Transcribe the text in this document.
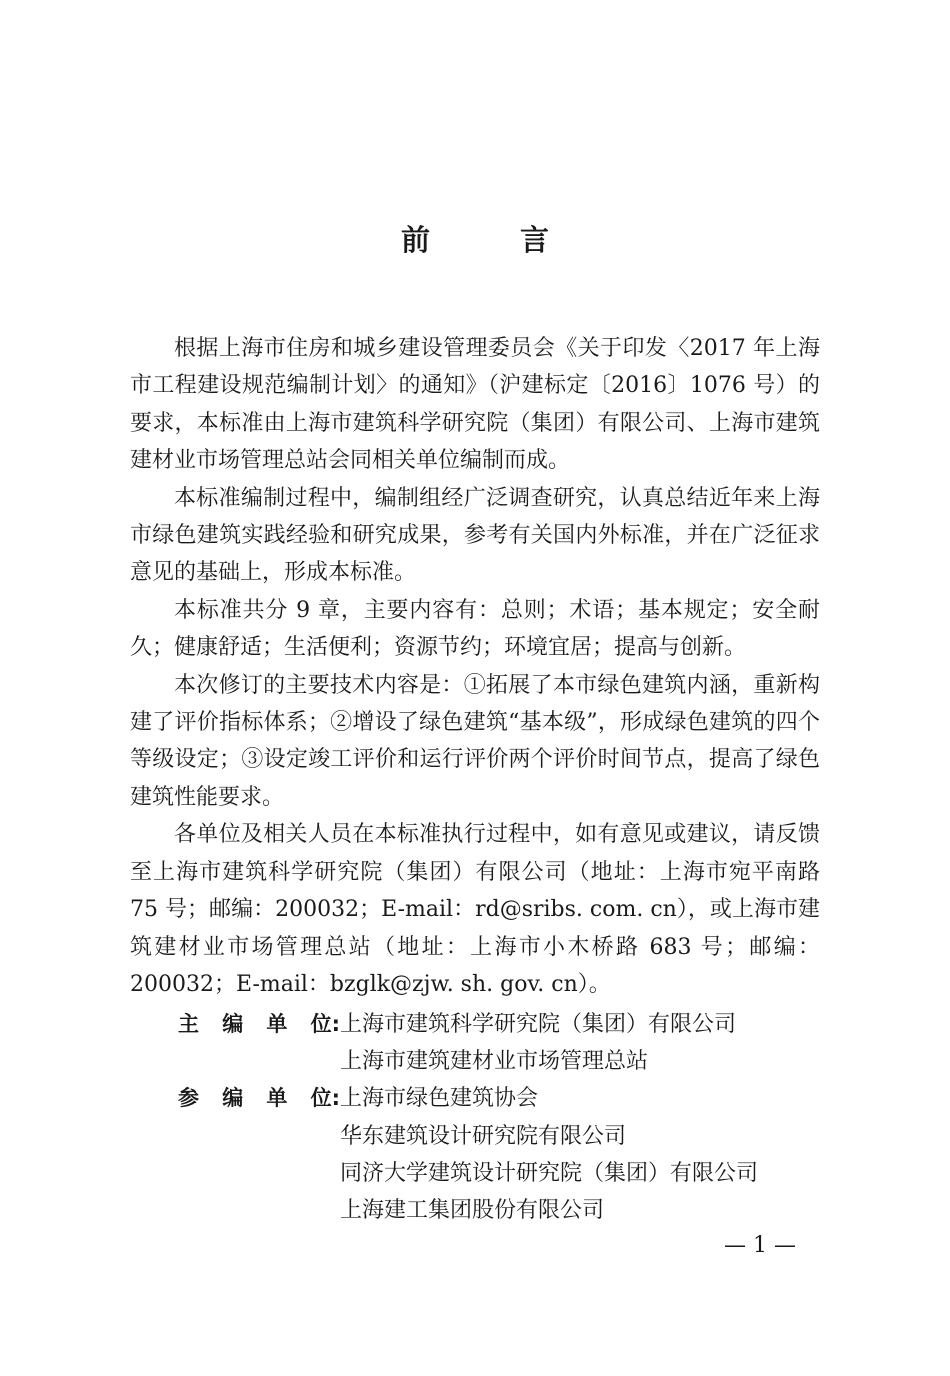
前 言

根据上海市住房和城乡建设管理委员会《关于印发〈2017 年上海市工程建设规范编制计划〉的通知》（沪建标定〔2016〕1076 号）的要求，本标准由上海市建筑科学研究院（集团）有限公司、上海市建筑建材业市场管理总站会同相关单位编制而成。

本标准编制过程中，编制组经广泛调查研究，认真总结近年来上海市绿色建筑实践经验和研究成果，参考有关国内外标准，并在广泛征求意见的基础上，形成本标准。

本标准共分 9 章，主要内容有：总则；术语；基本规定；安全耐久；健康舒适；生活便利；资源节约；环境宜居；提高与创新。

本次修订的主要技术内容是：①拓展了本市绿色建筑内涵，重新构建了评价指标体系；②增设了绿色建筑“基本级”，形成绿色建筑的四个等级设定；③设定竣工评价和运行评价两个评价时间节点，提高了绿色建筑性能要求。

各单位及相关人员在本标准执行过程中，如有意见或建议，请反馈至上海市建筑科学研究院（集团）有限公司（地址：上海市宛平南路 75 号；邮编：200032；E-mail：rd@sribs. com. cn），或上海市建筑建材业市场管理总站（地址：上海市小木桥路 683 号；邮编：200032；E-mail：bzglk@zjw. sh. gov. cn）。

主 编 单 位: 上海市建筑科学研究院（集团）有限公司
上海市建筑建材业市场管理总站
参 编 单 位: 上海市绿色建筑协会
华东建筑设计研究院有限公司
同济大学建筑设计研究院（集团）有限公司
上海建工集团股份有限公司
— 1 —
